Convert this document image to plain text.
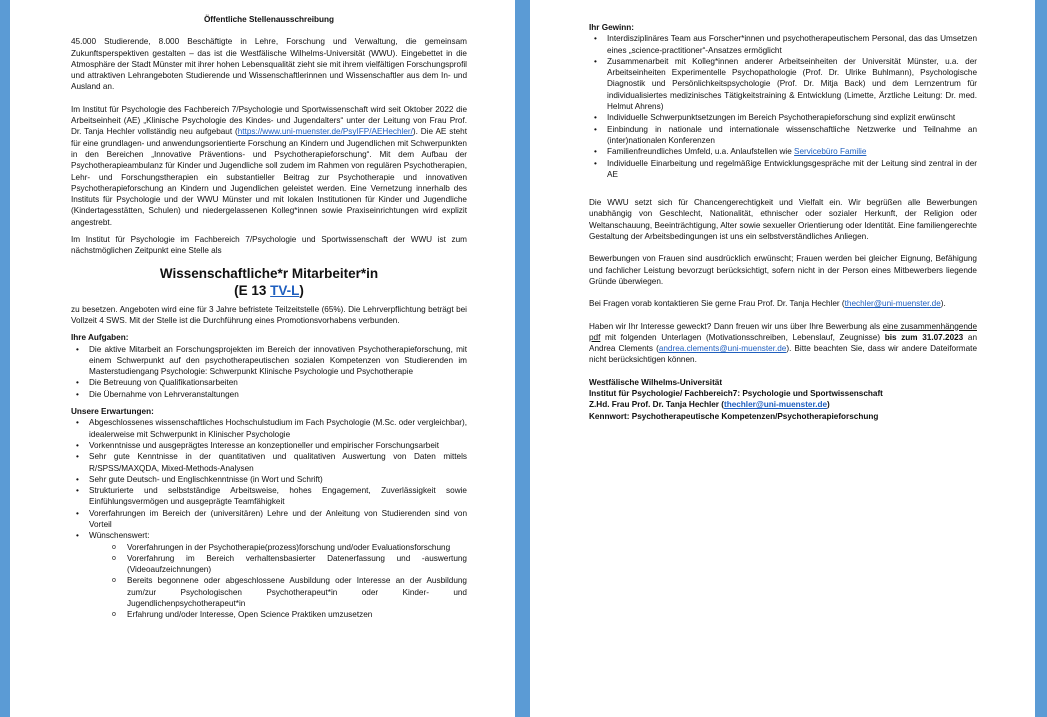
Öffentliche Stellenausschreibung

45.000 Studierende, 8.000 Beschäftigte in Lehre, Forschung und Verwaltung, die gemeinsam Zukunftsperspektiven gestalten – das ist die Westfälische Wilhelms-Universität (WWU). Eingebettet in die Atmosphäre der Stadt Münster mit ihrer hohen Lebensqualität zieht sie mit ihrem vielfältigen Forschungsprofil und attraktiven Lehrangeboten Studierende und Wissenschaftlerinnen und Wissenschaftler aus dem In- und Ausland an.

Im Institut für Psychologie des Fachbereich 7/Psychologie und Sportwissenschaft wird seit Oktober 2022 die Arbeitseinheit (AE) „Klinische Psychologie des Kindes- und Jugendalters“ unter der Leitung von Frau Prof. Dr. Tanja Hechler vollständig neu aufgebaut (https://www.uni-muenster.de/PsyIFP/AEHechler/). Die AE steht für eine grundlagen- und anwendungsorientierte Forschung an Kindern und Jugendlichen mit Schwerpunkten in den Bereichen „Innovative Präventions- und Psychotherapieforschung“. Mit dem Aufbau der Psychotherapieambulanz für Kinder und Jugendliche soll zudem im Rahmen von regulären Psychotherapien, Lehr- und Forschungstherapien ein substantieller Beitrag zur Psychotherapie und innovativen Psychotherapieforschung an Kindern und Jugendlichen geleistet werden. Eine Vernetzung innerhalb des Instituts für Psychologie und der WWU Münster und mit lokalen Institutionen für Kinder und Jugendliche (Kindertagesstätten, Schulen) und niedergelassenen Kolleg*innen sowie Praxiseinrichtungen wird explizit angestrebt.

Im Institut für Psychologie im Fachbereich 7/Psychologie und Sportwissenschaft der WWU ist zum nächstmöglichen Zeitpunkt eine Stelle als

Wissenschaftliche*r Mitarbeiter*in
(E 13 TV-L)

zu besetzen. Angeboten wird eine für 3 Jahre befristete Teilzeitstelle (65%). Die Lehrverpflichtung beträgt bei Vollzeit 4 SWS. Mit der Stelle ist die Durchführung eines Promotionsvorhabens verbunden.

Ihre Aufgaben:
• Die aktive Mitarbeit an Forschungsprojekten im Bereich der innovativen Psychotherapieforschung, mit einem Schwerpunkt auf den psychotherapeutischen sozialen Kompetenzen von Studierenden im Masterstudiengang Psychologie: Schwerpunkt Klinische Psychologie und Psychotherapie
• Die Betreuung von Qualifikationsarbeiten
• Die Übernahme von Lehrveranstaltungen
Unsere Erwartungen:
• Abgeschlossenes wissenschaftliches Hochschulstudium im Fach Psychologie (M.Sc. oder vergleichbar), idealerweise mit Schwerpunkt in Klinischer Psychologie
• Vorkenntnisse und ausgeprägtes Interesse an konzeptioneller und empirischer Forschungsarbeit
• Sehr gute Kenntnisse in der quantitativen und qualitativen Auswertung von Daten mittels R/SPSS/MAXQDA, Mixed-Methods-Analysen
• Sehr gute Deutsch- und Englischkenntnisse (in Wort und Schrift)
• Strukturierte und selbstständige Arbeitsweise, hohes Engagement, Zuverlässigkeit sowie Einfühlungsvermögen und ausgeprägte Teamfähigkeit
• Vorerfahrungen im Bereich der (universitären) Lehre und der Anleitung von Studierenden sind von Vorteil
• Wünschenswert:
o Vorerfahrungen in der Psychotherapie(prozess)forschung und/oder Evaluationsforschung
o Vorerfahrung im Bereich verhaltensbasierter Datenerfassung und -auswertung (Videoaufzeichnungen)
o Bereits begonnene oder abgeschlossene Ausbildung oder Interesse an der Ausbildung zum/zur Psychologischen Psychotherapeut*in oder Kinder- und Jugendlichenpsychotherapeut*in
o Erfahrung und/oder Interesse, Open Science Praktiken umzusetzen
Ihr Gewinn:
• Interdisziplinäres Team aus Forscher*innen und psychotherapeutischem Personal, das das Umsetzen eines „science-practitioner“-Ansatzes ermöglicht
• Zusammenarbeit mit Kolleg*innen anderer Arbeitseinheiten der Universität Münster, u.a. der Arbeitseinheiten Experimentelle Psychopathologie (Prof. Dr. Ulrike Buhlmann), Psychologische Diagnostik und Persönlichkeitspsychologie (Prof. Dr. Mitja Back) und dem Lernzentrum für individualisiertes medizinisches Tätigkeitstraining & Entwicklung (Limette, Ärztliche Leitung: Dr. med. Helmut Ahrens)
• Individuelle Schwerpunktsetzungen im Bereich Psychotherapieforschung sind explizit erwünscht
• Einbindung in nationale und internationale wissenschaftliche Netzwerke und Teilnahme an (inter)nationalen Konferenzen
• Familienfreundliches Umfeld, u.a. Anlaufstellen wie Servicebüro Familie
• Individuelle Einarbeitung und regelmäßige Entwicklungsgespräche mit der Leitung sind zentral in der AE

Die WWU setzt sich für Chancengerechtigkeit und Vielfalt ein. Wir begrüßen alle Bewerbungen unabhängig von Geschlecht, Nationalität, ethnischer oder sozialer Herkunft, der Religion oder Weltanschauung, Beeinträchtigung, Alter sowie sexueller Orientierung oder Identität. Eine familiengerechte Gestaltung der Arbeitsbedingungen ist uns ein selbstverständliches Anliegen.

Bewerbungen von Frauen sind ausdrücklich erwünscht; Frauen werden bei gleicher Eignung, Befähigung und fachlicher Leistung bevorzugt berücksichtigt, sofern nicht in der Person eines Mitbewerbers liegende Gründe überwiegen.

Bei Fragen vorab kontaktieren Sie gerne Frau Prof. Dr. Tanja Hechler (thechler@uni-muenster.de).

Haben wir Ihr Interesse geweckt? Dann freuen wir uns über Ihre Bewerbung als eine zusammenhängende pdf mit folgenden Unterlagen (Motivationsschreiben, Lebenslauf, Zeugnisse) bis zum 31.07.2023 an Andrea Clements (andrea.clements@uni-muenster.de). Bitte beachten Sie, dass wir andere Dateiformate nicht berücksichtigen können.

Westfälische Wilhelms-Universität

Institut für Psychologie/ Fachbereich7: Psychologie und Sportwissenschaft

Z.Hd. Frau Prof. Dr. Tanja Hechler (thechler@uni-muenster.de)

Kennwort: Psychotherapeutische Kompetenzen/Psychotherapieforschung
